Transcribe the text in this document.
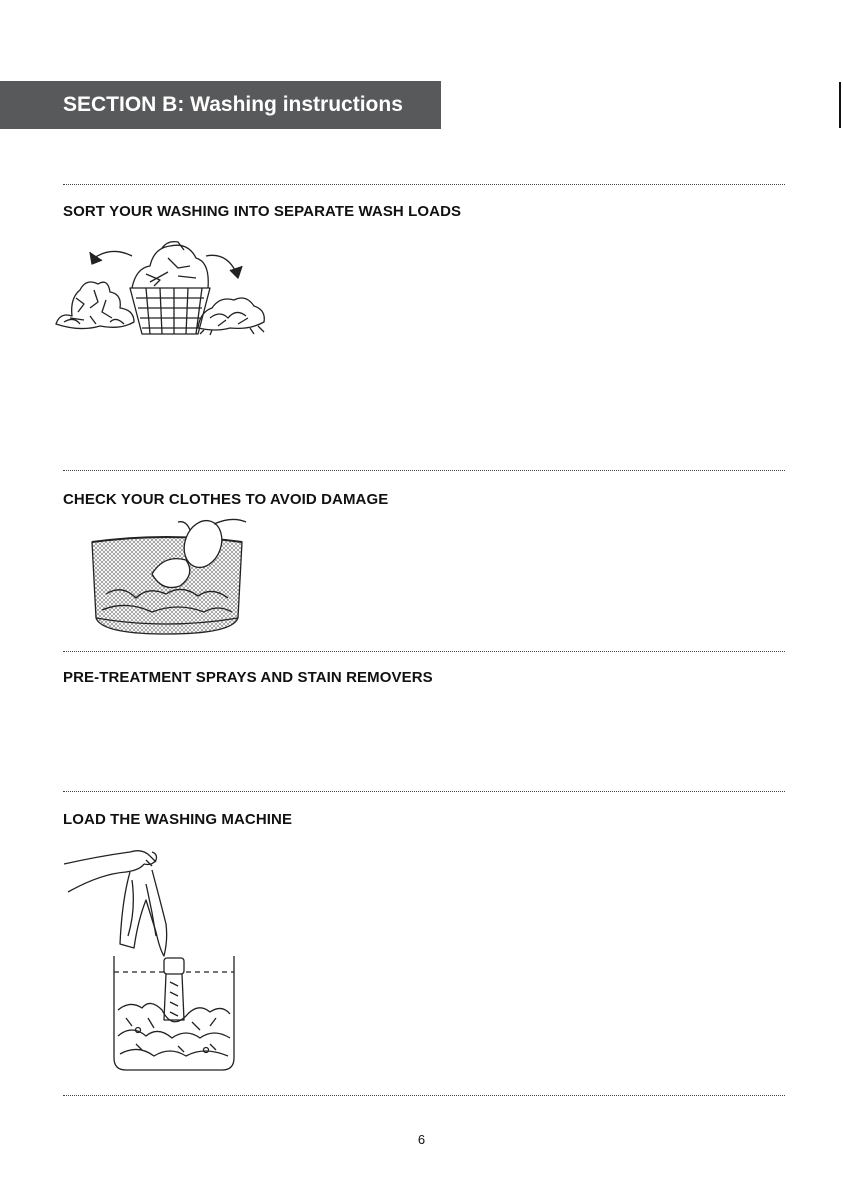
SECTION B: Washing instructions
SORT YOUR WASHING INTO SEPARATE WASH LOADS
CHECK YOUR CLOTHES TO AVOID DAMAGE
PRE-TREATMENT SPRAYS AND STAIN REMOVERS
LOAD THE WASHING MACHINE
6
